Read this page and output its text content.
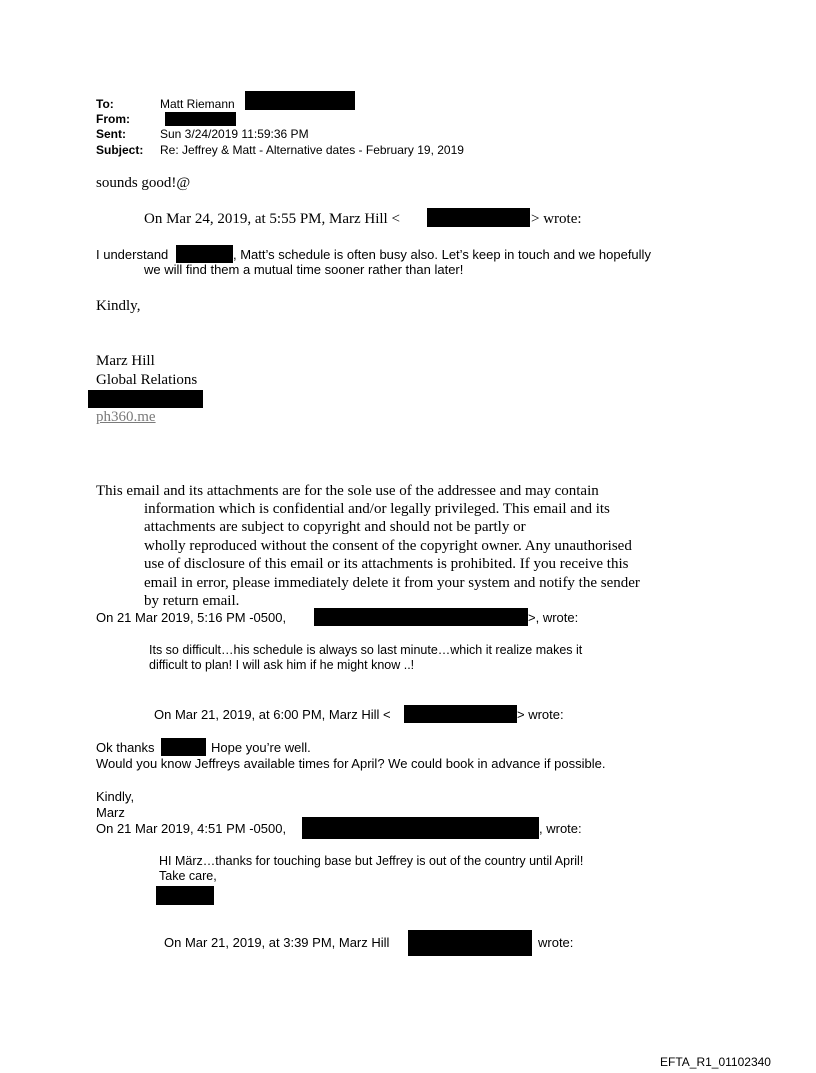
To:	Matt Riemann
From:
Sent:	Sun 3/24/2019 11:59:36 PM
Subject: Re: Jeffrey & Matt - Alternative dates - February 19, 2019
sounds good!@
On Mar 24, 2019, at 5:55 PM, Marz Hill <	> wrote:
I understand	, Matt’s schedule is often busy also. Let’s keep in touch and we hopefully
we will find them a mutual time sooner rather than later!
Kindly,
Marz Hill
Global Relations
ph360.me
This email and its attachments are for the sole use of the addressee and may contain
information which is confidential and/or legally privileged. This email and its
attachments are subject to copyright and should not be partly or
wholly reproduced without the consent of the copyright owner. Any unauthorised
use of disclosure of this email or its attachments is prohibited. If you receive this
email in error, please immediately delete it from your system and notify the sender
by return email.
On 21 Mar 2019, 5:16 PM -0500,	>, wrote:
Its so difficult…his schedule is always so last minute…which it realize makes it
difficult to plan! I will ask him if he might know ..!
On Mar 21, 2019, at 6:00 PM, Marz Hill <	> wrote:
Ok thanks	Hope you’re well.
Would you know Jeffreys available times for April? We could book in advance if possible.
Kindly,
Marz
On 21 Mar 2019, 4:51 PM -0500,	, wrote:
HI März…thanks for touching base but Jeffrey is out of the country until April!
Take care,
On Mar 21, 2019, at 3:39 PM, Marz Hill	wrote:
EFTA_R1_01102340
